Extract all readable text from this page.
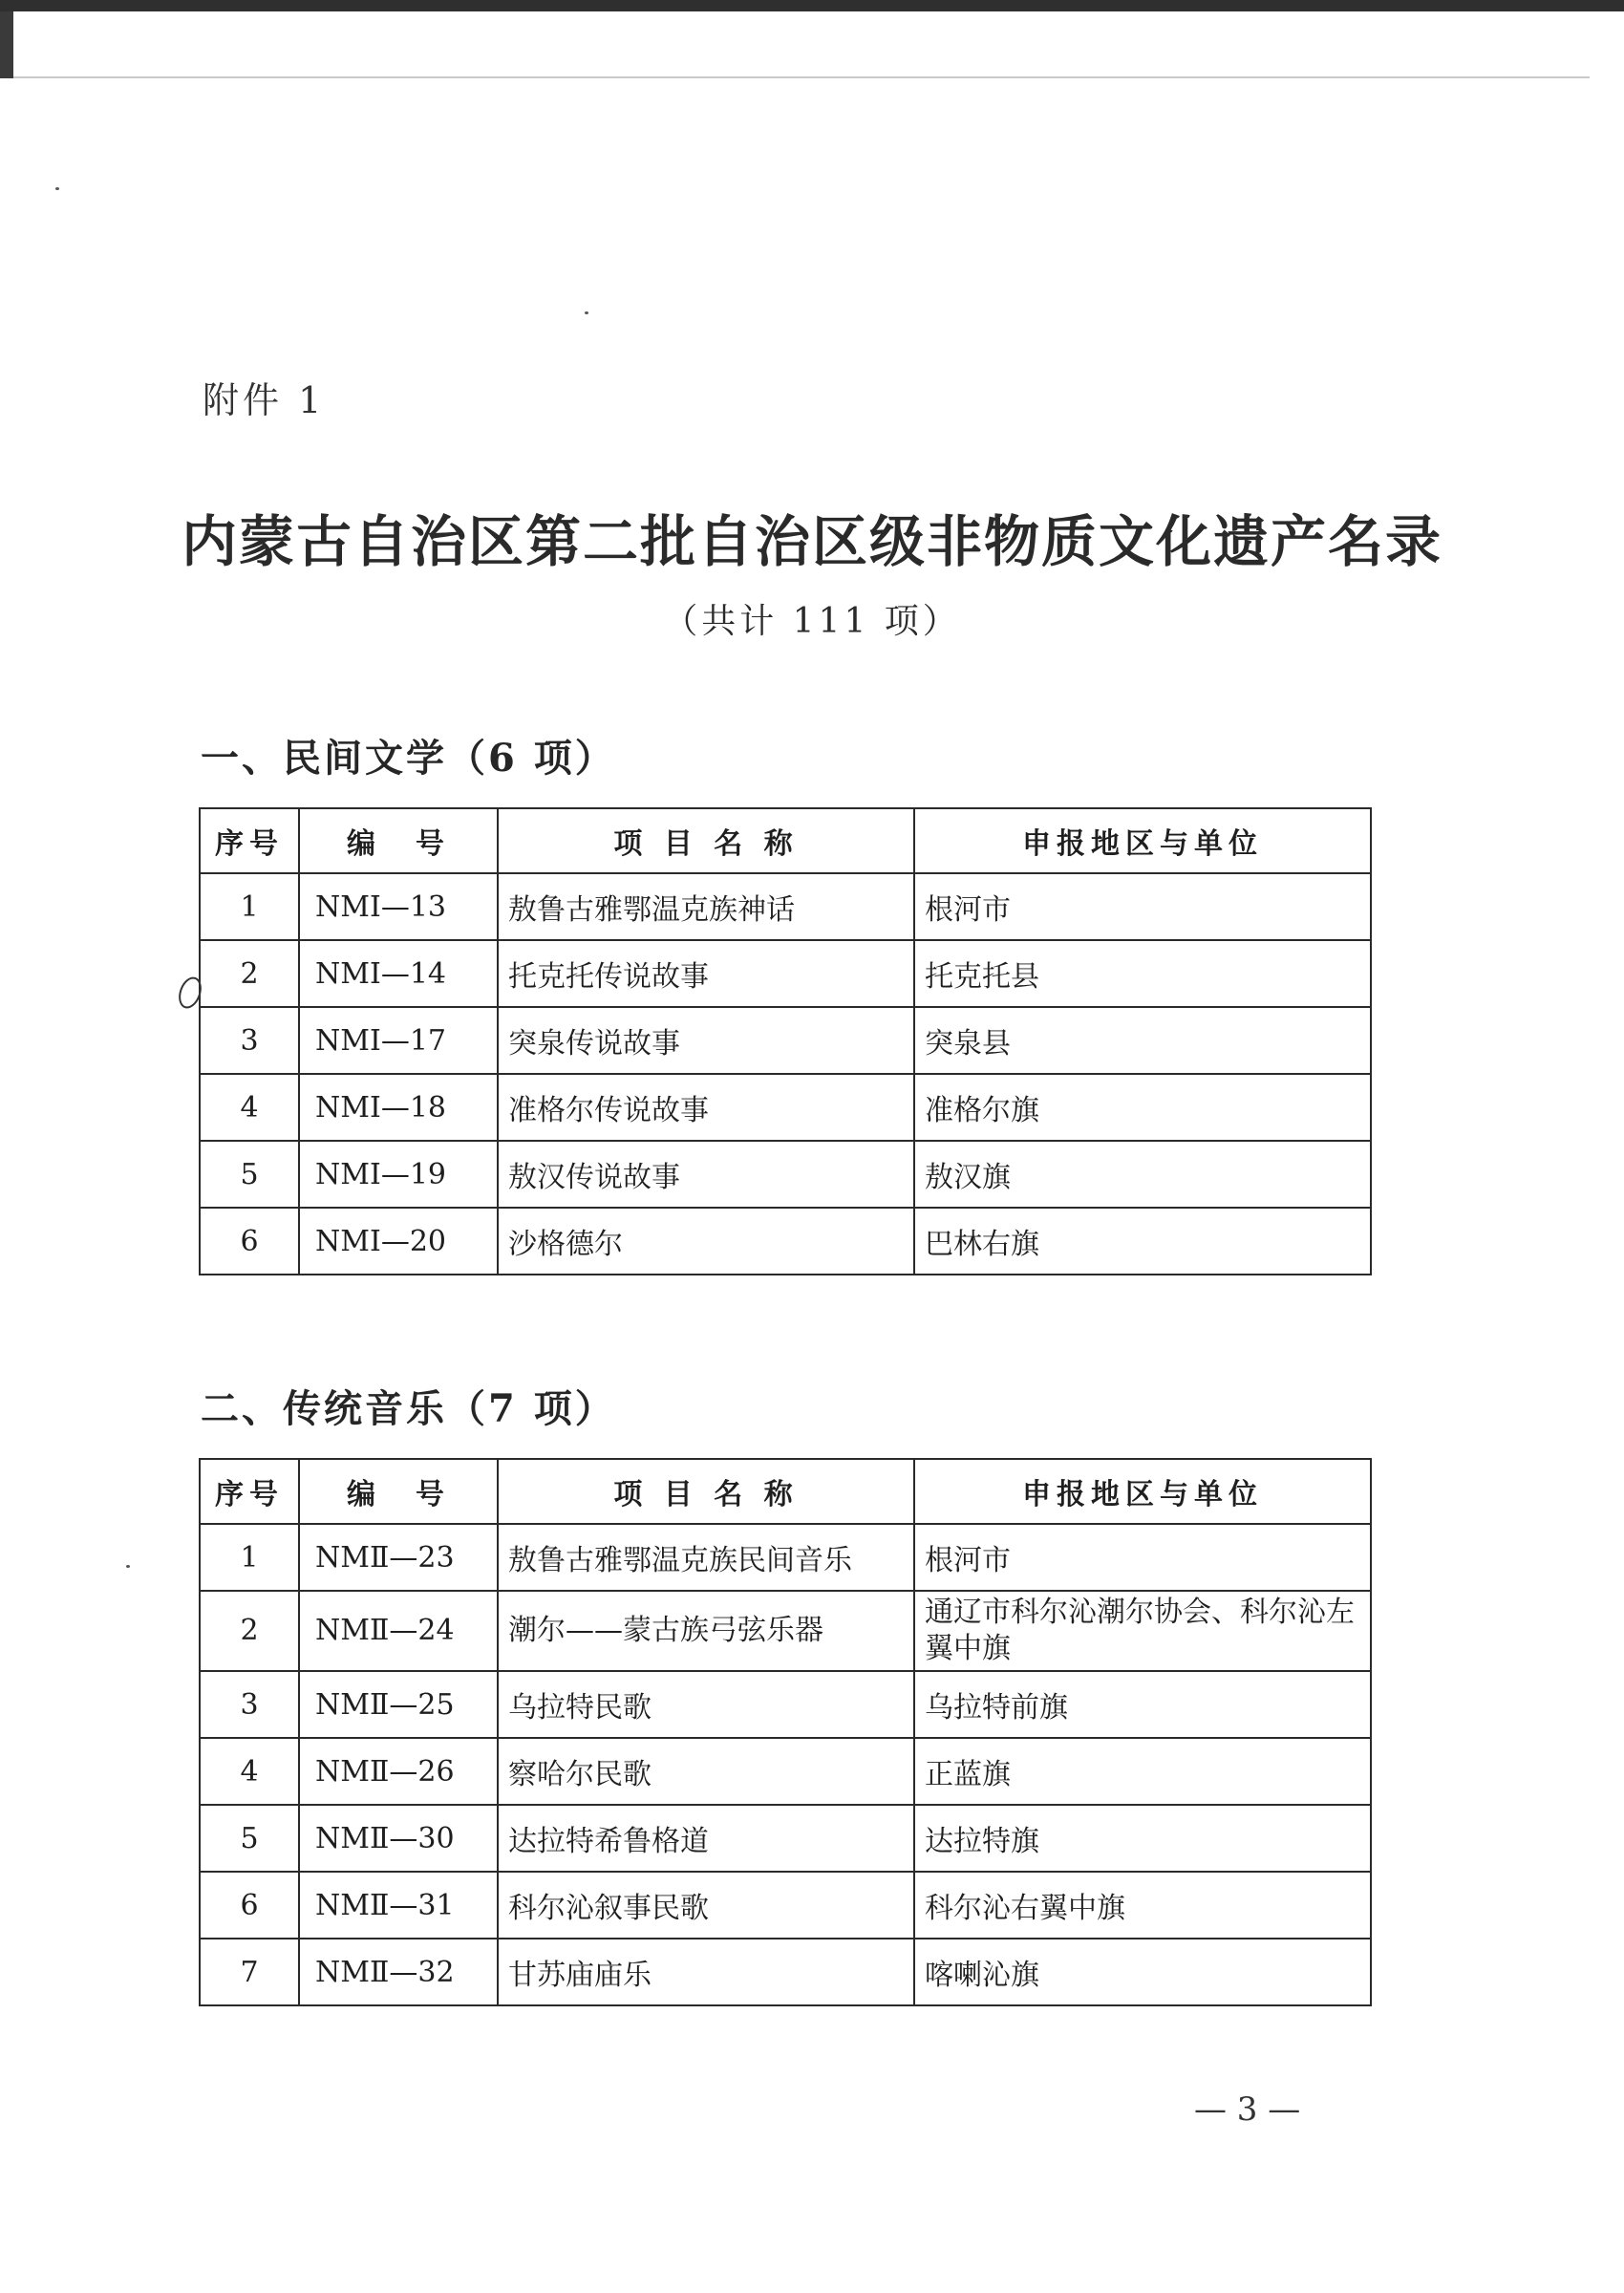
附件 1
内蒙古自治区第二批自治区级非物质文化遗产名录
（共计 111 项）
一、民间文学（6 项）
序号	编　号	项 目 名 称	申报地区与单位
1	NMⅠ—13	敖鲁古雅鄂温克族神话	根河市
2	NMⅠ—14	托克托传说故事	托克托县
3	NMⅠ—17	突泉传说故事	突泉县
4	NMⅠ—18	准格尔传说故事	准格尔旗
5	NMⅠ—19	敖汉传说故事	敖汉旗
6	NMⅠ—20	沙格德尔	巴林右旗
二、传统音乐（7 项）
序号	编　号	项 目 名 称	申报地区与单位
1	NMⅡ—23	敖鲁古雅鄂温克族民间音乐	根河市
2	NMⅡ—24	潮尔——蒙古族弓弦乐器	通辽市科尔沁潮尔协会、科尔沁左翼中旗
3	NMⅡ—25	乌拉特民歌	乌拉特前旗
4	NMⅡ—26	察哈尔民歌	正蓝旗
5	NMⅡ—30	达拉特希鲁格道	达拉特旗
6	NMⅡ—31	科尔沁叙事民歌	科尔沁右翼中旗
7	NMⅡ—32	甘苏庙庙乐	喀喇沁旗
— 3 —
